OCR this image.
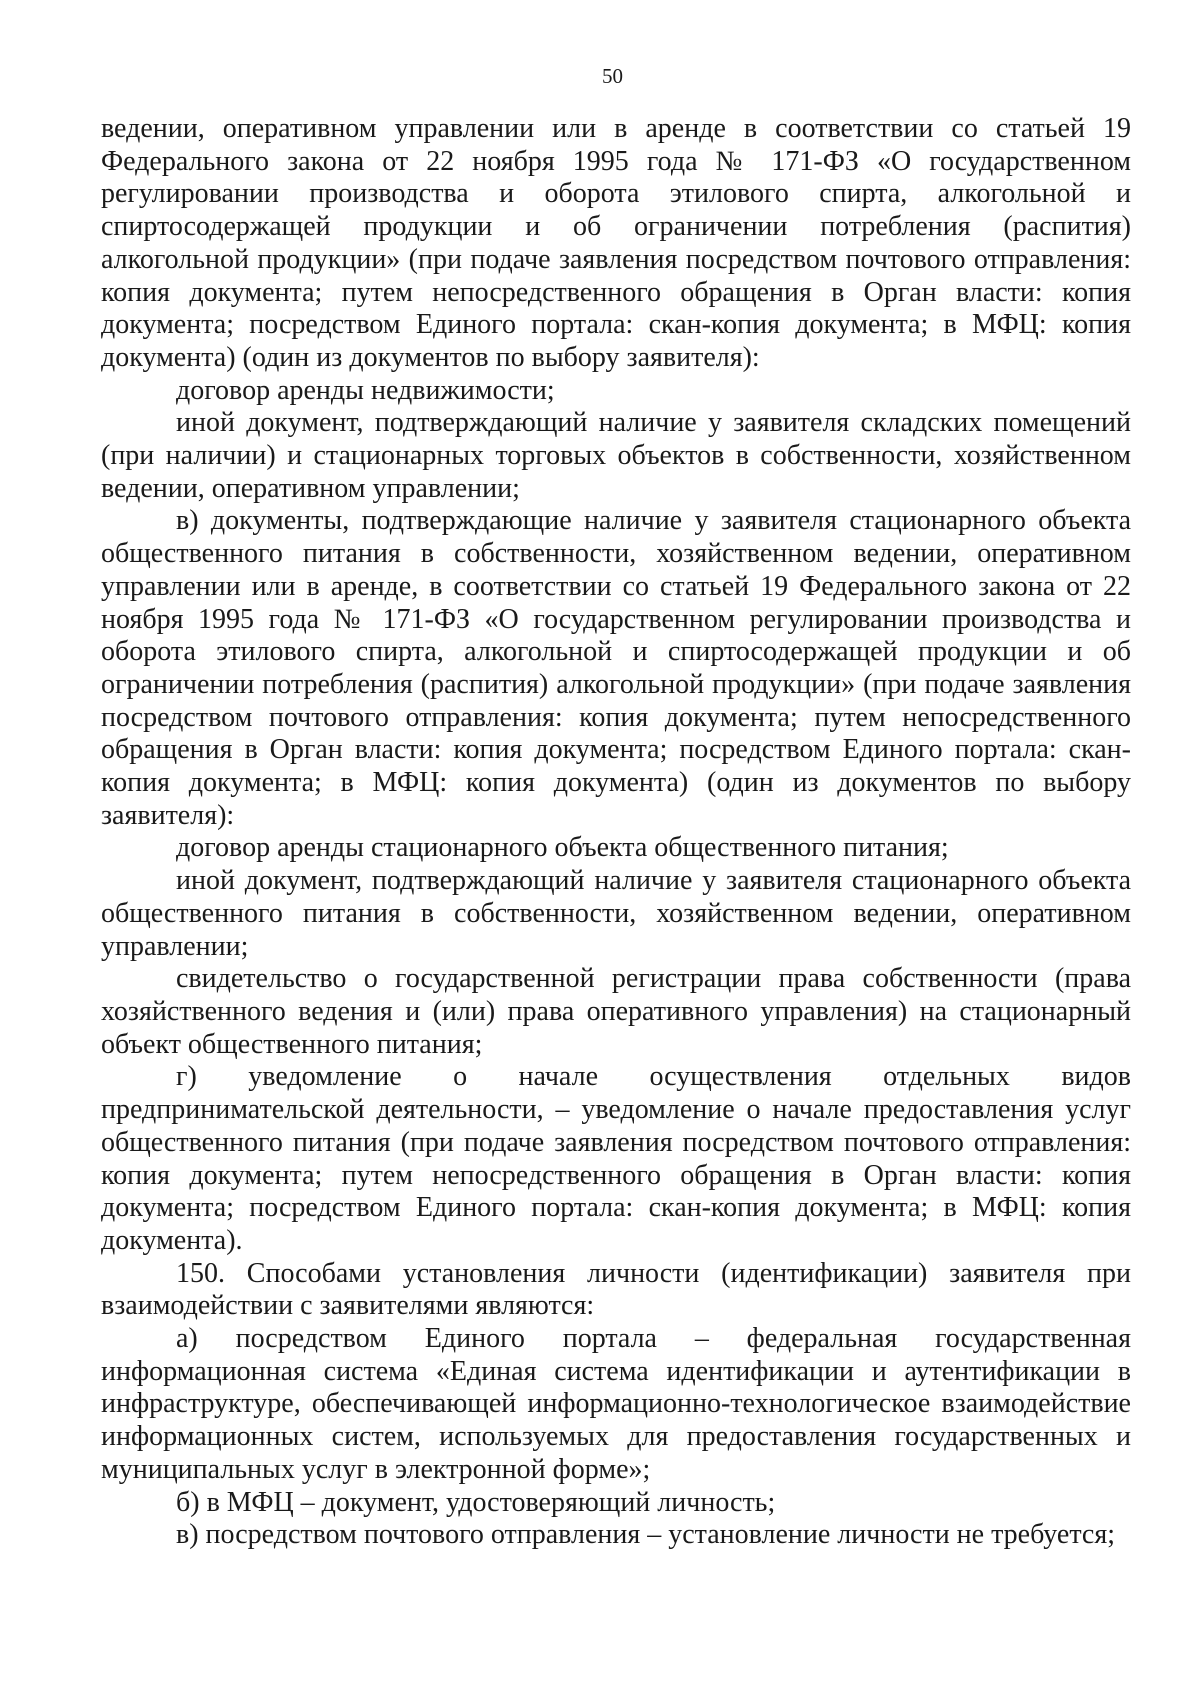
50

ведении, оперативном управлении или в аренде в соответствии со статьей 19 Федерального закона от 22 ноября 1995 года № 171-ФЗ «О государственном регулировании производства и оборота этилового спирта, алкогольной и спиртосодержащей продукции и об ограничении потребления (распития) алкогольной продукции» (при подаче заявления посредством почтового отправления: копия документа; путем непосредственного обращения в Орган власти: копия документа; посредством Единого портала: скан-копия документа; в МФЦ: копия документа) (один из документов по выбору заявителя):

договор аренды недвижимости;

иной документ, подтверждающий наличие у заявителя складских помещений (при наличии) и стационарных торговых объектов в собственности, хозяйственном ведении, оперативном управлении;

в) документы, подтверждающие наличие у заявителя стационарного объекта общественного питания в собственности, хозяйственном ведении, оперативном управлении или в аренде, в соответствии со статьей 19 Федерального закона от 22 ноября 1995 года № 171-ФЗ «О государственном регулировании производства и оборота этилового спирта, алкогольной и спиртосодержащей продукции и об ограничении потребления (распития) алкогольной продукции» (при подаче заявления посредством почтового отправления: копия документа; путем непосредственного обращения в Орган власти: копия документа; посредством Единого портала: скан-копия документа; в МФЦ: копия документа) (один из документов по выбору заявителя):

договор аренды стационарного объекта общественного питания;

иной документ, подтверждающий наличие у заявителя стационарного объекта общественного питания в собственности, хозяйственном ведении, оперативном управлении;

свидетельство о государственной регистрации права собственности (права хозяйственного ведения и (или) права оперативного управления) на стационарный объект общественного питания;

г) уведомление о начале осуществления отдельных видов предпринимательской деятельности, – уведомление о начале предоставления услуг общественного питания (при подаче заявления посредством почтового отправления: копия документа; путем непосредственного обращения в Орган власти: копия документа; посредством Единого портала: скан-копия документа; в МФЦ: копия документа).

150. Способами установления личности (идентификации) заявителя при взаимодействии с заявителями являются:

а) посредством Единого портала – федеральная государственная информационная система «Единая система идентификации и аутентификации в инфраструктуре, обеспечивающей информационно-технологическое взаимодействие информационных систем, используемых для предоставления государственных и муниципальных услуг в электронной форме»;

б) в МФЦ – документ, удостоверяющий личность;

в) посредством почтового отправления – установление личности не требуется;
